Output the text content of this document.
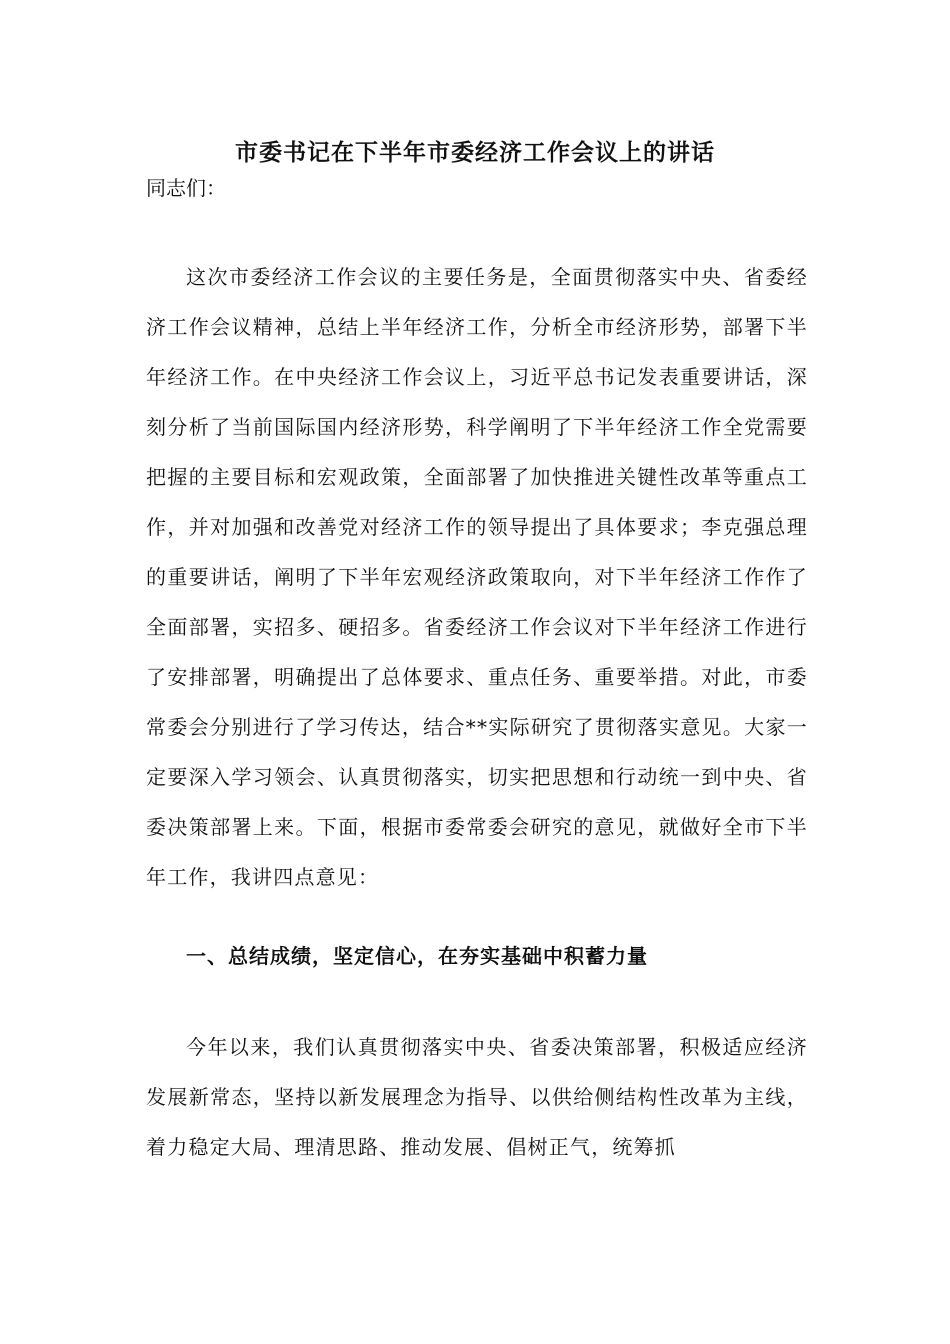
市委书记在下半年市委经济工作会议上的讲话

同志们：

这次市委经济工作会议的主要任务是，全面贯彻落实中央、省委经济工作会议精神，总结上半年经济工作，分析全市经济形势，部署下半年经济工作。在中央经济工作会议上，习近平总书记发表重要讲话，深刻分析了当前国际国内经济形势，科学阐明了下半年经济工作全党需要把握的主要目标和宏观政策，全面部署了加快推进关键性改革等重点工作，并对加强和改善党对经济工作的领导提出了具体要求；李克强总理的重要讲话，阐明了下半年宏观经济政策取向，对下半年经济工作作了全面部署，实招多、硬招多。省委经济工作会议对下半年经济工作进行了安排部署，明确提出了总体要求、重点任务、重要举措。对此，市委常委会分别进行了学习传达，结合**实际研究了贯彻落实意见。大家一定要深入学习领会、认真贯彻落实，切实把思想和行动统一到中央、省委决策部署上来。下面，根据市委常委会研究的意见，就做好全市下半年工作，我讲四点意见：

一、总结成绩，坚定信心，在夯实基础中积蓄力量

今年以来，我们认真贯彻落实中央、省委决策部署，积极适应经济发展新常态，坚持以新发展理念为指导、以供给侧结构性改革为主线，着力稳定大局、理清思路、推动发展、倡树正气，统筹抓
